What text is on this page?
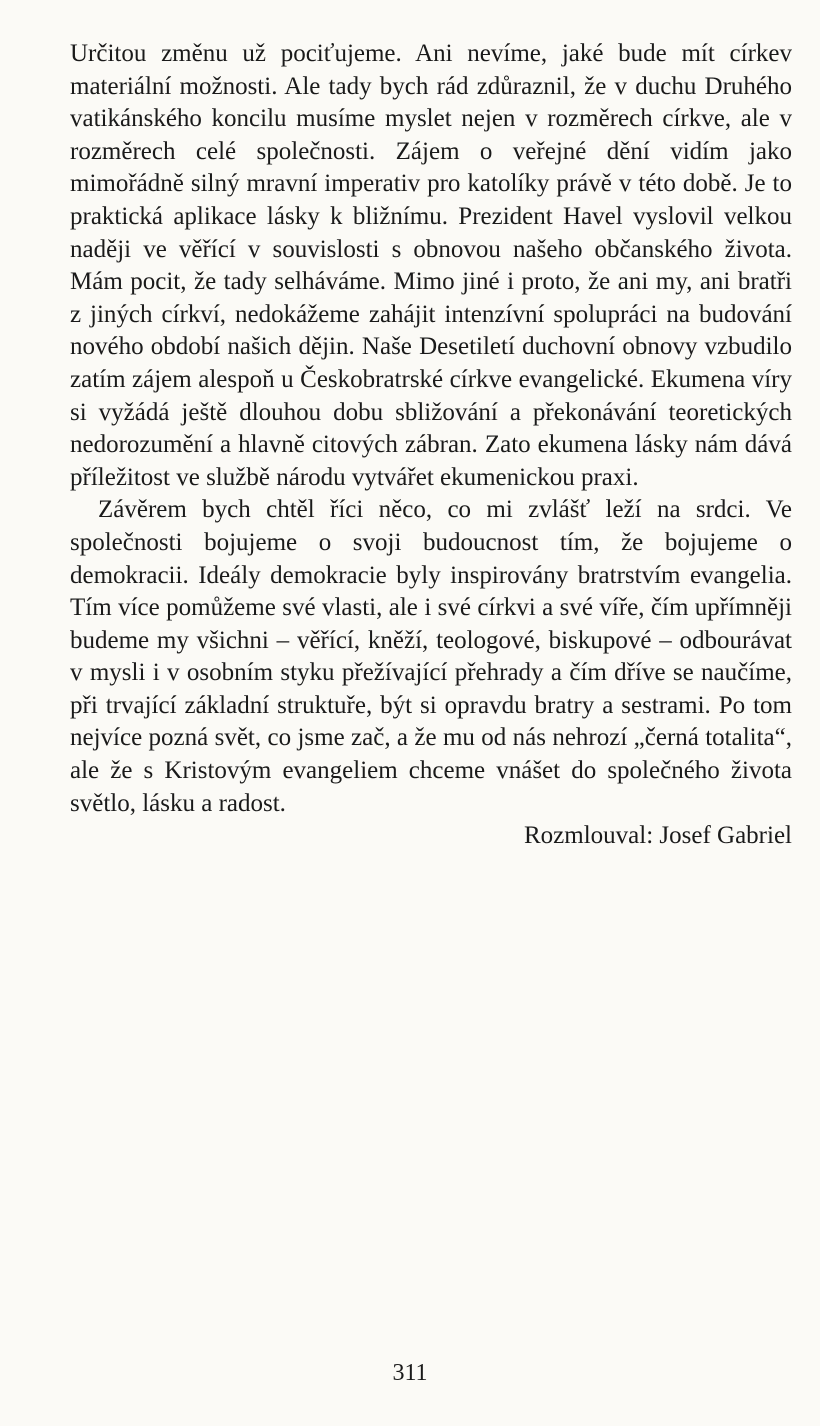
Určitou změnu už pociťujeme. Ani nevíme, jaké bude mít církev materiální možnosti. Ale tady bych rád zdůraznil, že v duchu Druhého vatikánského koncilu musíme myslet nejen v rozměrech církve, ale v rozměrech celé společnosti. Zájem o veřejné dění vidím jako mimořádně silný mravní imperativ pro katolíky právě v této době. Je to praktická aplikace lásky k bližnímu. Prezident Havel vyslovil velkou naději ve věřící v souvislosti s obnovou našeho občanského života. Mám pocit, že tady selháváme. Mimo jiné i proto, že ani my, ani bratři z jiných církví, nedokážeme zahájit intenzívní spolupráci na budování nového období našich dějin. Naše Desetiletí duchovní obnovy vzbudilo zatím zájem alespoň u Českobratrské církve evangelické. Ekumena víry si vyžádá ještě dlouhou dobu sbližování a překonávání teoretických nedorozumění a hlavně citových zábran. Zato ekumena lásky nám dává příležitost ve službě národu vytvářet ekumenickou praxi.

Závěrem bych chtěl říci něco, co mi zvlášť leží na srdci. Ve společnosti bojujeme o svoji budoucnost tím, že bojujeme o demokracii. Ideály demokracie byly inspirovány bratrstvím evangelia. Tím více pomůžeme své vlasti, ale i své církvi a své víře, čím upřímněji budeme my všichni – věřící, kněží, teologové, biskupové – odbourávat v mysli i v osobním styku přežívající přehrady a čím dříve se naučíme, při trvající základní struktuře, být si opravdu bratry a sestrami. Po tom nejvíce pozná svět, co jsme zač, a že mu od nás nehrozí „černá totalita“, ale že s Kristovým evangeliem chceme vnášet do společného života světlo, lásku a radost.

Rozmlouval: Josef Gabriel

311
